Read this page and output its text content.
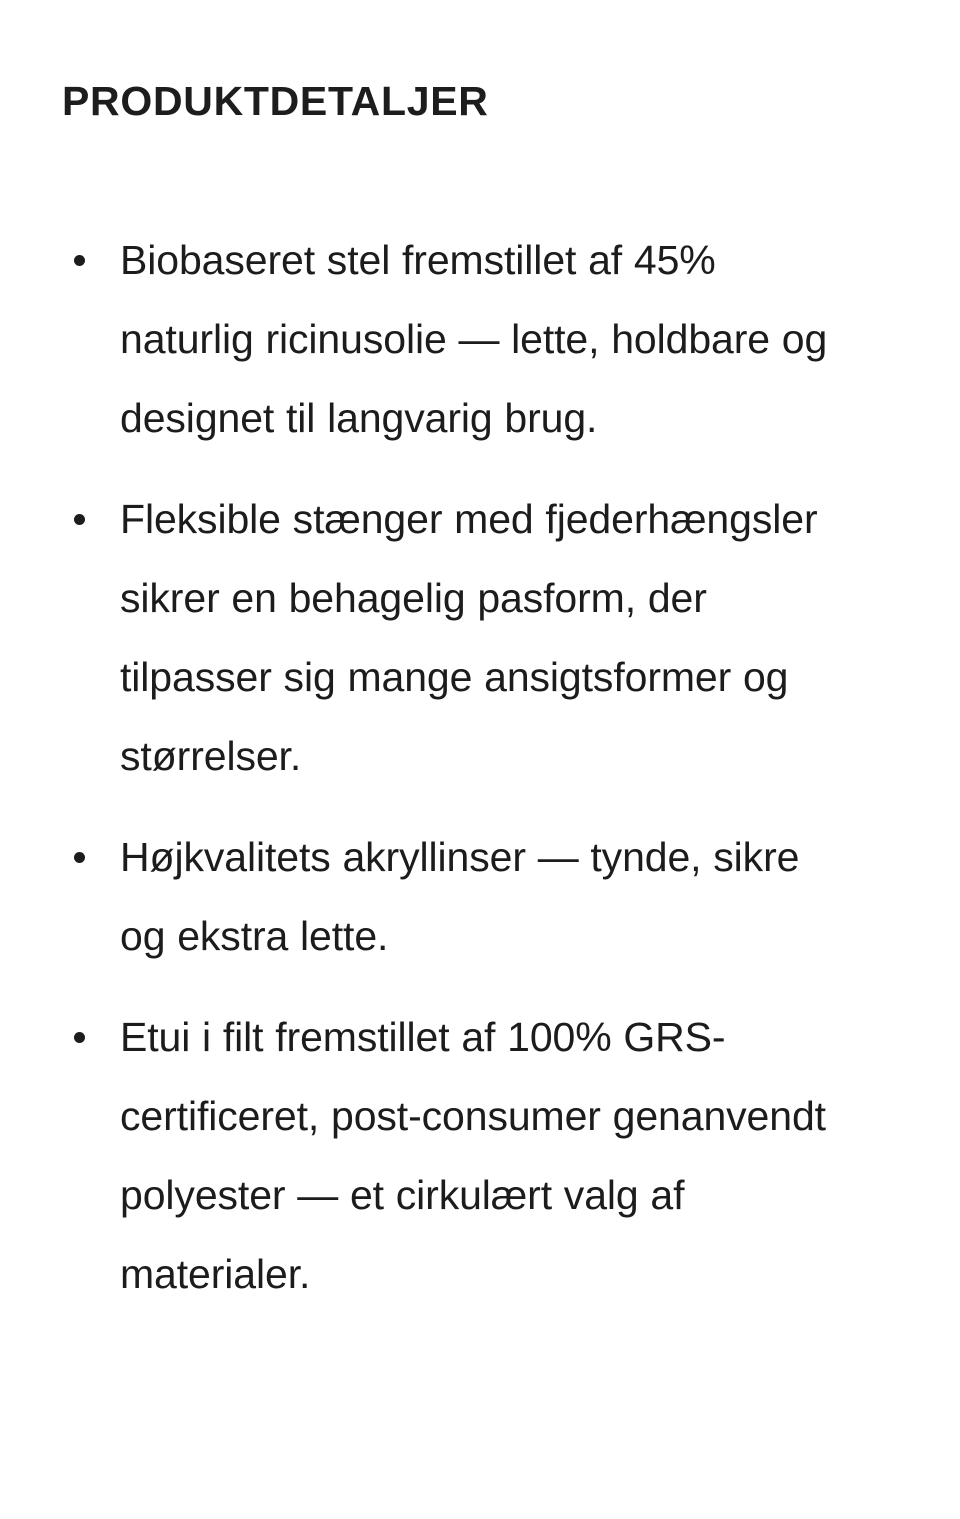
PRODUKTDETALJER
Biobaseret stel fremstillet af 45% naturlig ricinusolie — lette, holdbare og designet til langvarig brug.
Fleksible stænger med fjederhængsler sikrer en behagelig pasform, der tilpasser sig mange ansigtsformer og størrelser.
Højkvalitets akryllinser — tynde, sikre og ekstra lette.
Etui i filt fremstillet af 100% GRS-certificeret, post-consumer genanvendt polyester — et cirkulært valg af materialer.
